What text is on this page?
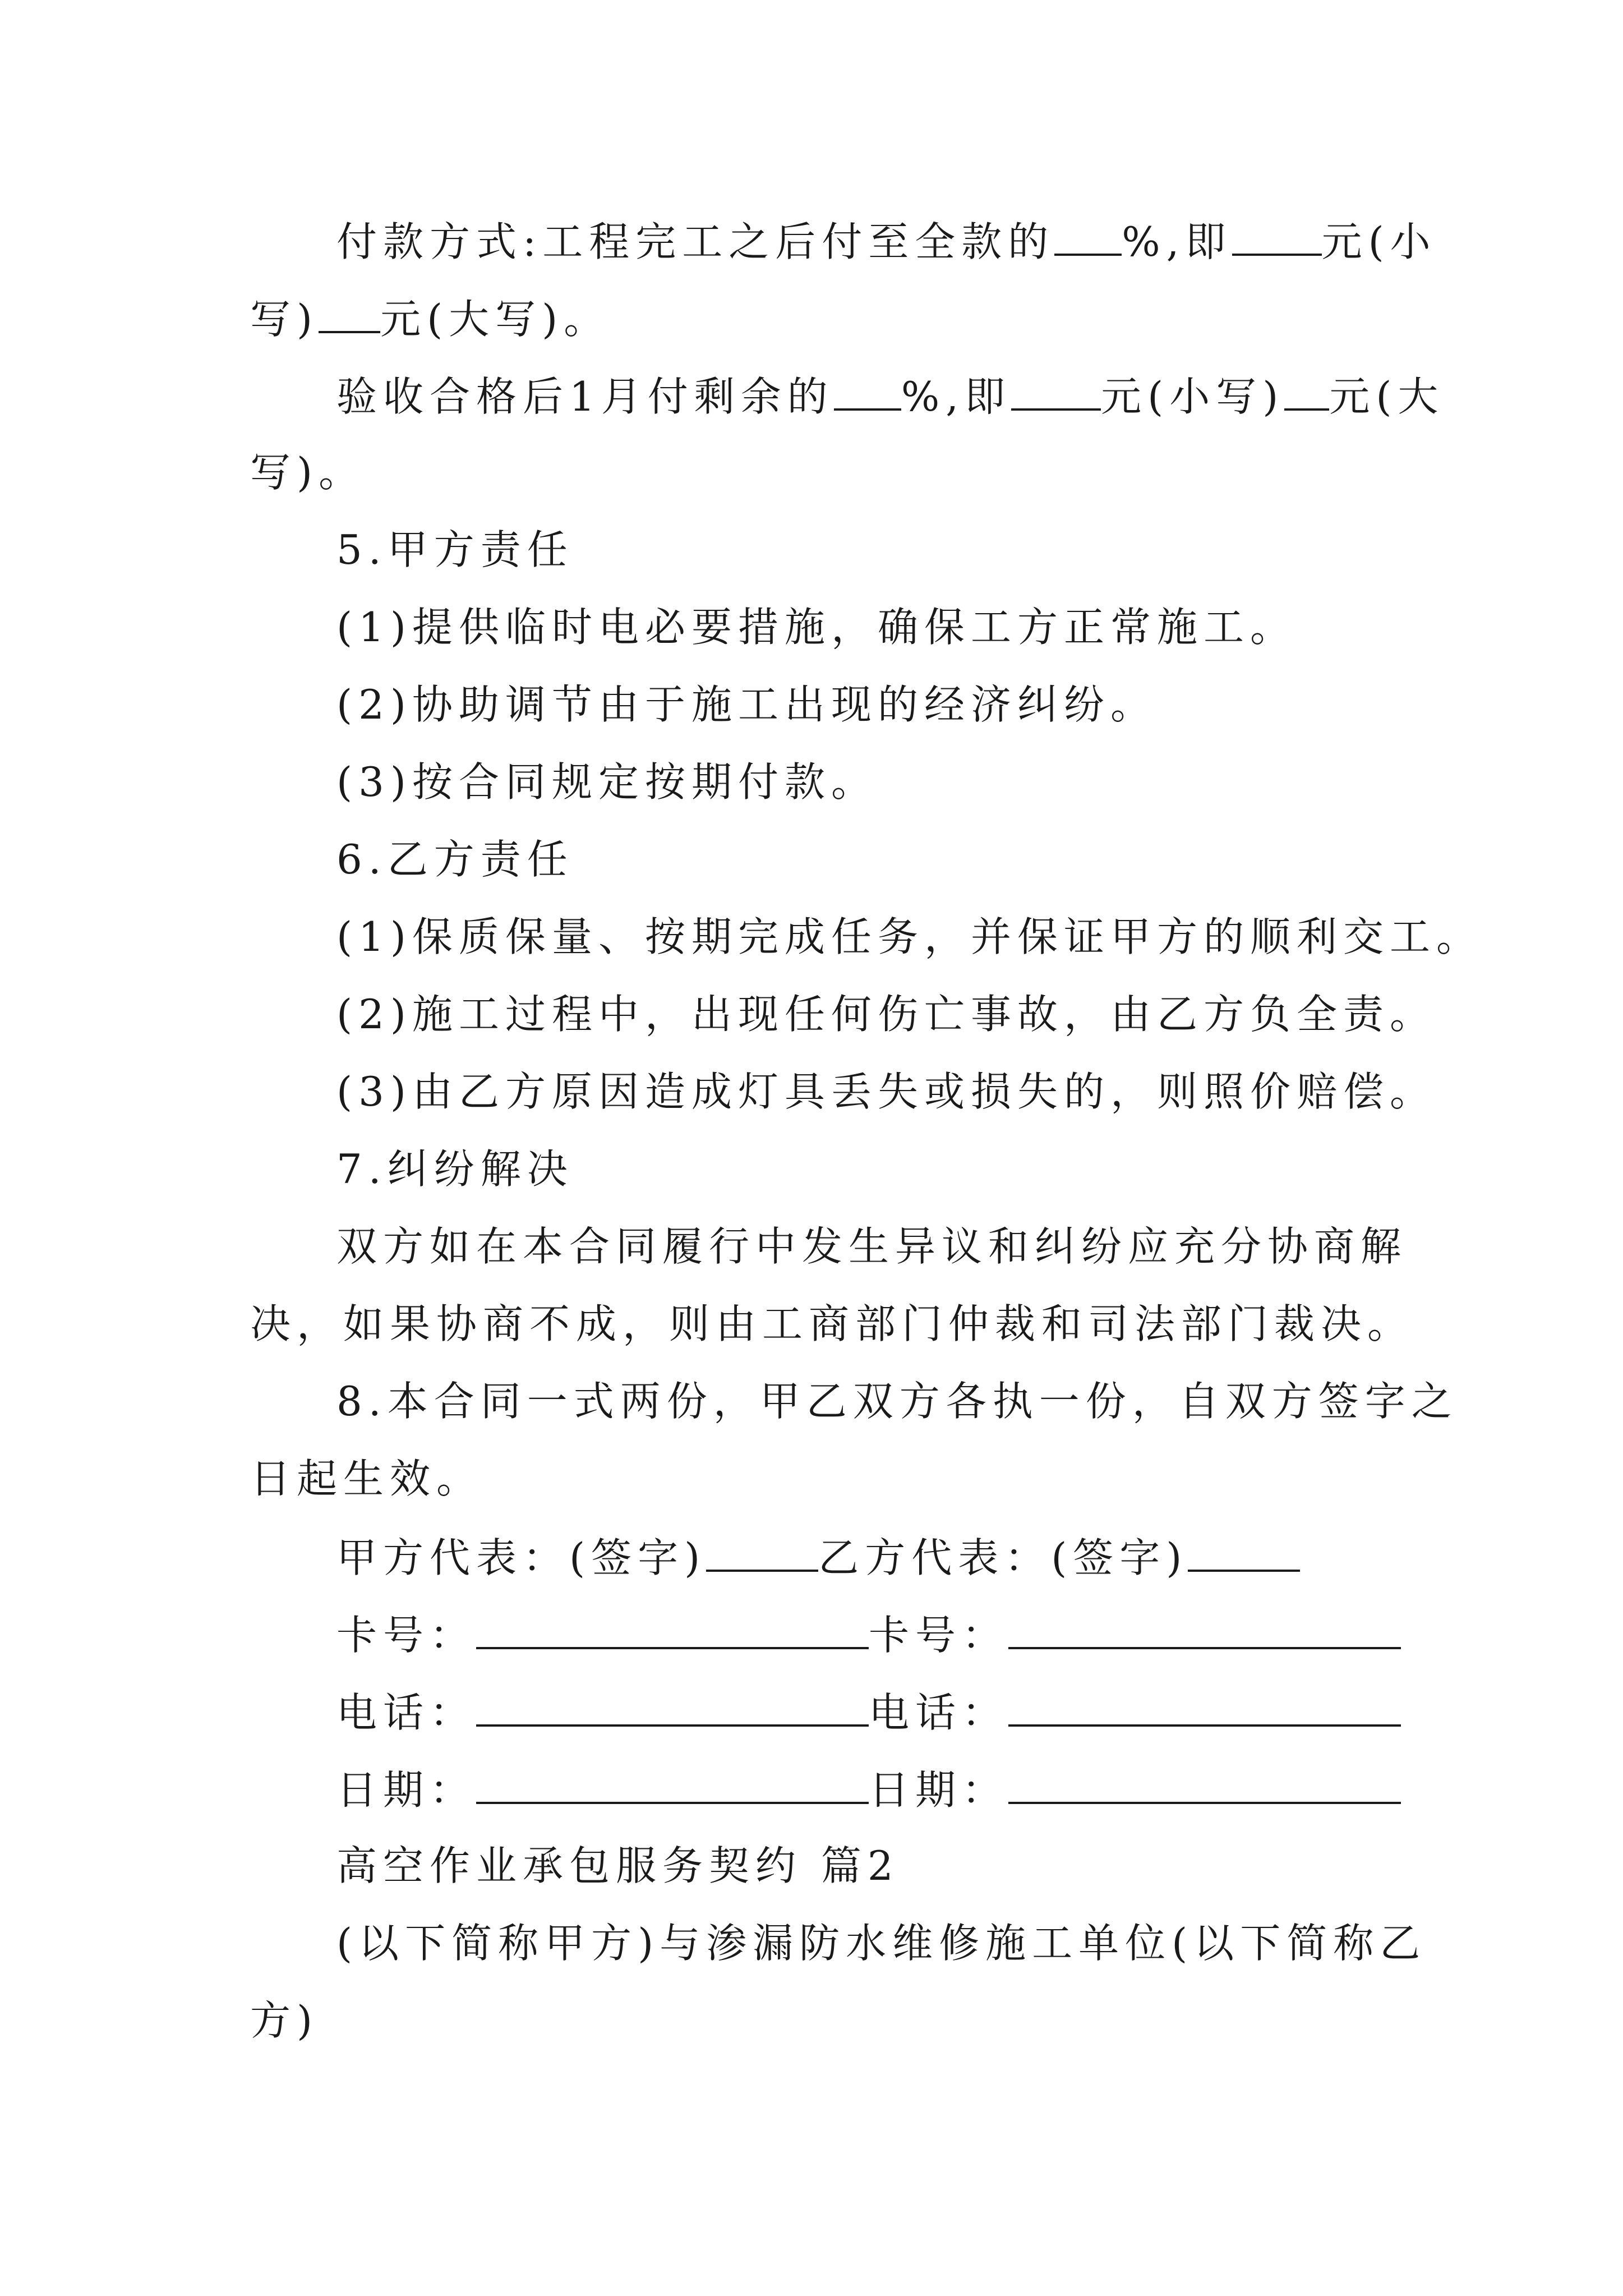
付款方式:工程完工之后付至全款的 %,即 元(小
写) 元(大写)。
验收合格后1月付剩余的 %,即 元(小写) 元(大
写)。
5.甲方责任
(1)提供临时电必要措施，确保工方正常施工。
(2)协助调节由于施工出现的经济纠纷。
(3)按合同规定按期付款。
6.乙方责任
(1)保质保量、按期完成任务，并保证甲方的顺利交工。
(2)施工过程中，出现任何伤亡事故，由乙方负全责。
(3)由乙方原因造成灯具丢失或损失的，则照价赔偿。
7.纠纷解决
双方如在本合同履行中发生异议和纠纷应充分协商解
决，如果协商不成，则由工商部门仲裁和司法部门裁决。
8.本合同一式两份，甲乙双方各执一份，自双方签字之
日起生效。
甲方代表：(签字)	乙方代表：(签字)
卡号：	卡号：
电话：	电话：
日期：	日期：
高空作业承包服务契约 篇2
(以下简称甲方)与渗漏防水维修施工单位(以下简称乙
方)
